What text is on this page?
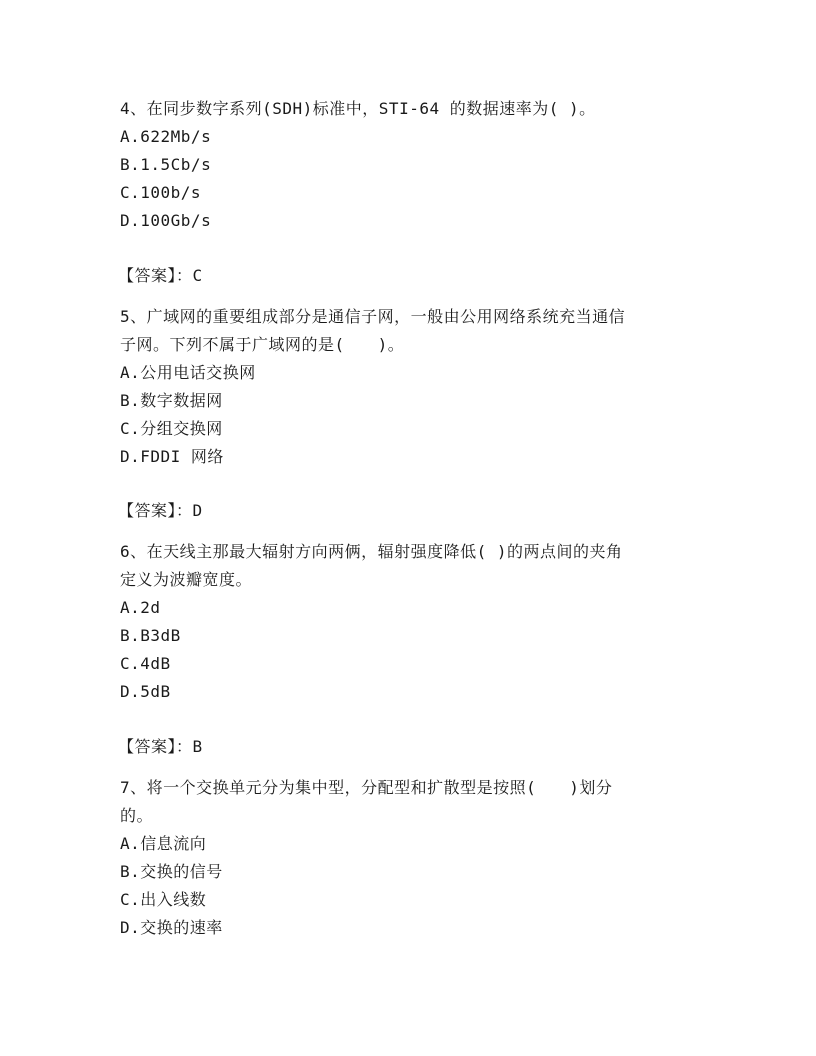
4、在同步数字系列(SDH)标准中，STI-64 的数据速率为( )。
A.622Mb/s
B.1.5Cb/s
C.100b/s
D.100Gb/s
【答案】：C
5、广域网的重要组成部分是通信子网，一般由公用网络系统充当通信
子网。下列不属于广域网的是(　　)。
A.公用电话交换网
B.数字数据网
C.分组交换网
D.FDDI 网络
【答案】：D
6、在天线主那最大辐射方向两俩，辐射强度降低( )的两点间的夹角
定义为波瓣宽度。
A.2d
B.B3dB
C.4dB
D.5dB
【答案】：B
7、将一个交换单元分为集中型，分配型和扩散型是按照(　　)划分
的。
A.信息流向
B.交换的信号
C.出入线数
D.交换的速率
